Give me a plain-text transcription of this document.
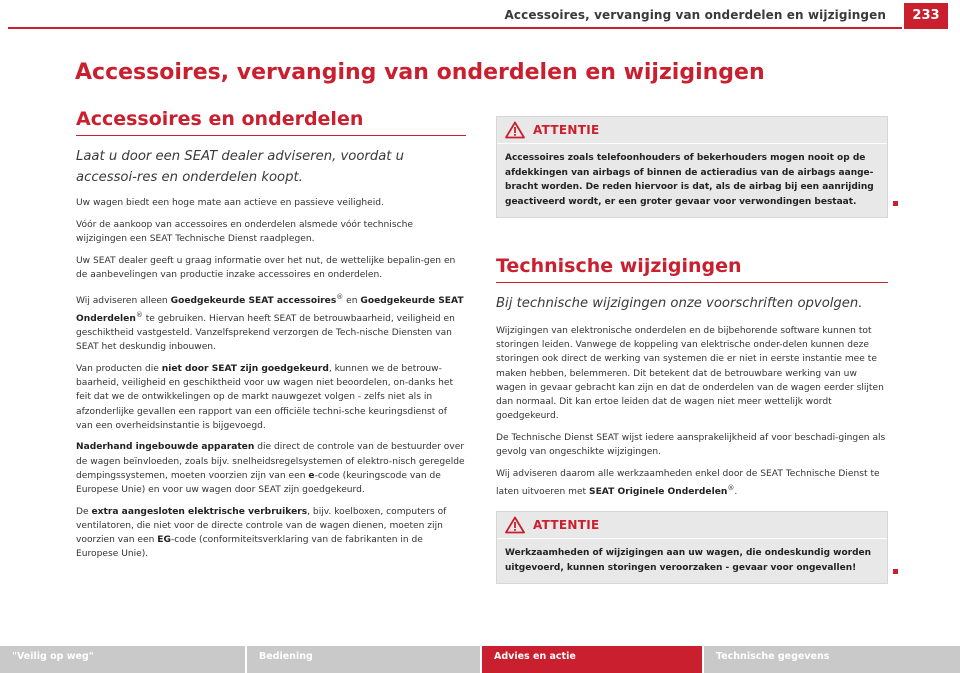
Accessoires, vervanging van onderdelen en wijzigingen	233
Accessoires, vervanging van onderdelen en wijzigingen
Accessoires en onderdelen
Laat u door een SEAT dealer adviseren, voordat u accessoi-res en onderdelen koopt.

Uw wagen biedt een hoge mate aan actieve en passieve veiligheid.

Vóór de aankoop van accessoires en onderdelen alsmede vóór technische wijzigingen een SEAT Technische Dienst raadplegen.

Uw SEAT dealer geeft u graag informatie over het nut, de wettelijke bepalin-gen en de aanbevelingen van productie inzake accessoires en onderdelen.

Wij adviseren alleen Goedgekeurde SEAT accessoires® en Goedgekeurde SEAT Onderdelen® te gebruiken. Hiervan heeft SEAT de betrouwbaarheid, veiligheid en geschiktheid vastgesteld. Vanzelfsprekend verzorgen de Tech-nische Diensten van SEAT het deskundig inbouwen.

Van producten die niet door SEAT zijn goedgekeurd, kunnen we de betrouw-baarheid, veiligheid en geschiktheid voor uw wagen niet beoordelen, on-danks het feit dat we de ontwikkelingen op de markt nauwgezet volgen - zelfs niet als in afzonderlijke gevallen een rapport van een officiële techni-sche keuringsdienst of van een overheidsinstantie is bijgevoegd.

Naderhand ingebouwde apparaten die direct de controle van de bestuurder over de wagen beïnvloeden, zoals bijv. snelheidsregelsystemen of elektro-nisch geregelde dempingssystemen, moeten voorzien zijn van een e-code (keuringscode van de Europese Unie) en voor uw wagen door SEAT zijn goedgekeurd.

De extra aangesloten elektrische verbruikers, bijv. koelboxen, computers of ventilatoren, die niet voor de directe controle van de wagen dienen, moeten zijn voorzien van een EG-code (conformiteitsverklaring van de fabrikanten in de Europese Unie).

ATTENTIE
Accessoires zoals telefoonhouders of bekerhouders mogen nooit op de afdekkingen van airbags of binnen de actieradius van de airbags aange-bracht worden. De reden hiervoor is dat, als de airbag bij een aanrijding geactiveerd wordt, er een groter gevaar voor verwondingen bestaat.
Technische wijzigingen
Bij technische wijzigingen onze voorschriften opvolgen.

Wijzigingen van elektronische onderdelen en de bijbehorende software kunnen tot storingen leiden. Vanwege de koppeling van elektrische onder-delen kunnen deze storingen ook direct de werking van systemen die er niet in eerste instantie mee te maken hebben, belemmeren. Dit betekent dat de betrouwbare werking van uw wagen in gevaar gebracht kan zijn en dat de onderdelen van de wagen eerder slijten dan normaal. Dit kan ertoe leiden dat de wagen niet meer wettelijk wordt goedgekeurd.

De Technische Dienst SEAT wijst iedere aansprakelijkheid af voor beschadi-gingen als gevolg van ongeschikte wijzigingen.

Wij adviseren daarom alle werkzaamheden enkel door de SEAT Technische Dienst te laten uitvoeren met SEAT Originele Onderdelen®.

ATTENTIE
Werkzaamheden of wijzigingen aan uw wagen, die ondeskundig worden uitgevoerd, kunnen storingen veroorzaken - gevaar voor ongevallen!
"Veilig op weg"	Bediening	Advies en actie	Technische gegevens
